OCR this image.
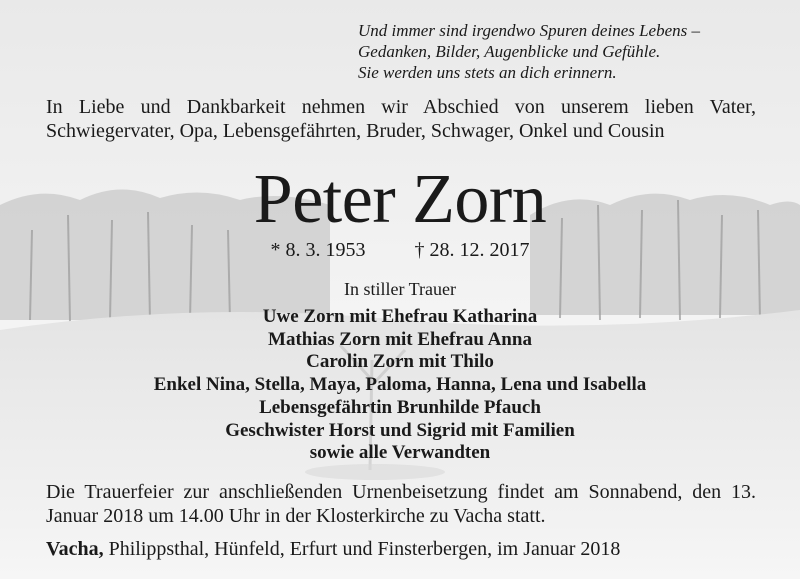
Und immer sind irgendwo Spuren deines Lebens –
Gedanken, Bilder, Augenblicke und Gefühle.
Sie werden uns stets an dich erinnern.
In Liebe und Dankbarkeit nehmen wir Abschied von unserem lieben Vater, Schwiegervater, Opa, Lebensgefährten, Bruder, Schwager, Onkel und Cousin
Peter Zorn
* 8. 3. 1953 † 28. 12. 2017
In stiller Trauer
Uwe Zorn mit Ehefrau Katharina
Mathias Zorn mit Ehefrau Anna
Carolin Zorn mit Thilo
Enkel Nina, Stella, Maya, Paloma, Hanna, Lena und Isabella
Lebensgefährtin Brunhilde Pfauch
Geschwister Horst und Sigrid mit Familien
sowie alle Verwandten
Die Trauerfeier zur anschließenden Urnenbeisetzung findet am Sonnabend, den 13. Januar 2018 um 14.00 Uhr in der Klosterkirche zu Vacha statt.
Vacha, Philippsthal, Hünfeld, Erfurt und Finsterbergen, im Januar 2018
